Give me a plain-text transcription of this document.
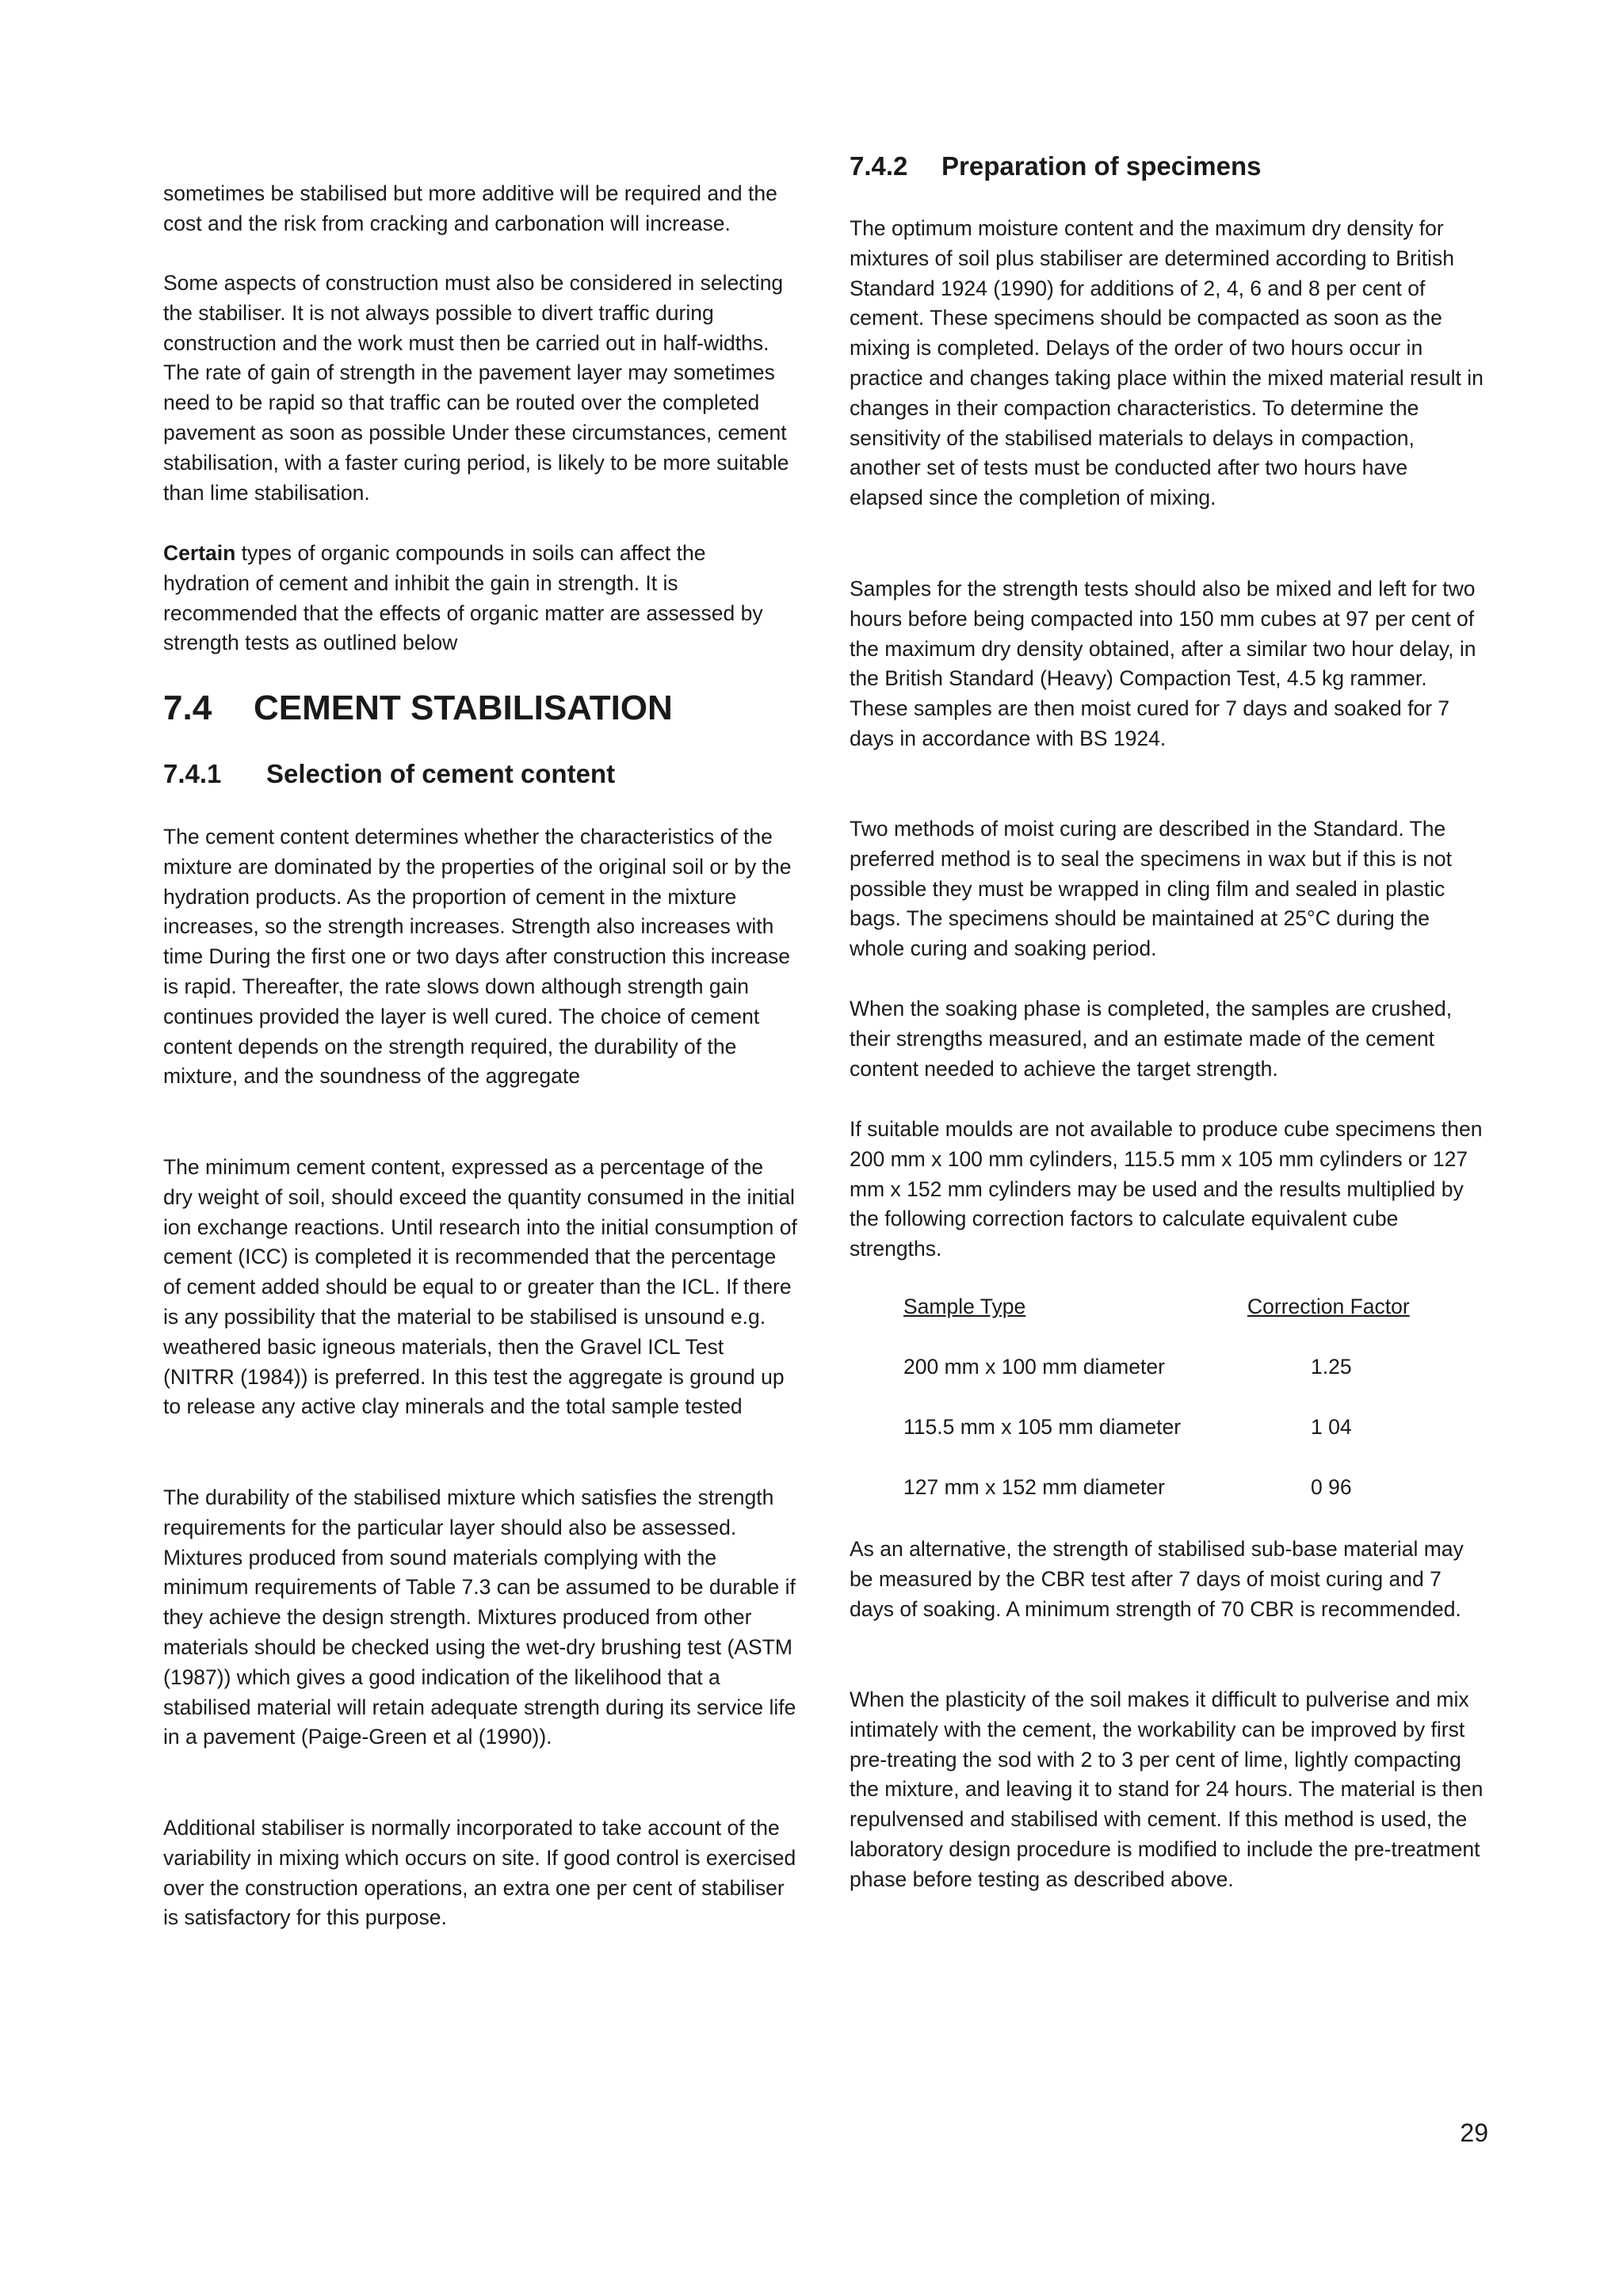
sometimes be stabilised but more additive will be required and the cost and the risk from cracking and carbonation will increase.

Some aspects of construction must also be considered in selecting the stabiliser. It is not always possible to divert traffic during construction and the work must then be carried out in half-widths. The rate of gain of strength in the pavement layer may sometimes need to be rapid so that traffic can be routed over the completed pavement as soon as possible Under these circumstances, cement stabilisation, with a faster curing period, is likely to be more suitable than lime stabilisation.

Certain types of organic compounds in soils can affect the hydration of cement and inhibit the gain in strength. It is recommended that the effects of organic matter are assessed by strength tests as outlined below

7.4 CEMENT STABILISATION
7.4.1 Selection of cement content

The cement content determines whether the characteristics of the mixture are dominated by the properties of the original soil or by the hydration products. As the proportion of cement in the mixture increases, so the strength increases. Strength also increases with time During the first one or two days after construction this increase is rapid. Thereafter, the rate slows down although strength gain continues provided the layer is well cured. The choice of cement content depends on the strength required, the durability of the mixture, and the soundness of the aggregate

The minimum cement content, expressed as a percentage of the dry weight of soil, should exceed the quantity consumed in the initial ion exchange reactions. Until research into the initial consumption of cement (ICC) is completed it is recommended that the percentage of cement added should be equal to or greater than the ICL. If there is any possibility that the material to be stabilised is unsound e.g. weathered basic igneous materials, then the Gravel ICL Test (NITRR (1984)) is preferred. In this test the aggregate is ground up to release any active clay minerals and the total sample tested

The durability of the stabilised mixture which satisfies the strength requirements for the particular layer should also be assessed. Mixtures produced from sound materials complying with the minimum requirements of Table 7.3 can be assumed to be durable if they achieve the design strength. Mixtures produced from other materials should be checked using the wet-dry brushing test (ASTM (1987)) which gives a good indication of the likelihood that a stabilised material will retain adequate strength during its service life in a pavement (Paige-Green et al (1990)).

Additional stabiliser is normally incorporated to take account of the variability in mixing which occurs on site. If good control is exercised over the construction operations, an extra one per cent of stabiliser is satisfactory for this purpose.

7.4.2 Preparation of specimens

The optimum moisture content and the maximum dry density for mixtures of soil plus stabiliser are determined according to British Standard 1924 (1990) for additions of 2, 4, 6 and 8 per cent of cement. These specimens should be compacted as soon as the mixing is completed. Delays of the order of two hours occur in practice and changes taking place within the mixed material result in changes in their compaction characteristics. To determine the sensitivity of the stabilised materials to delays in compaction, another set of tests must be conducted after two hours have elapsed since the completion of mixing.

Samples for the strength tests should also be mixed and left for two hours before being compacted into 150 mm cubes at 97 per cent of the maximum dry density obtained, after a similar two hour delay, in the British Standard (Heavy) Compaction Test, 4.5 kg rammer. These samples are then moist cured for 7 days and soaked for 7 days in accordance with BS 1924.

Two methods of moist curing are described in the Standard. The preferred method is to seal the specimens in wax but if this is not possible they must be wrapped in cling film and sealed in plastic bags. The specimens should be maintained at 25°C during the whole curing and soaking period.

When the soaking phase is completed, the samples are crushed, their strengths measured, and an estimate made of the cement content needed to achieve the target strength.

If suitable moulds are not available to produce cube specimens then 200 mm x 100 mm cylinders, 115.5 mm x 105 mm cylinders or 127 mm x 152 mm cylinders may be used and the results multiplied by the following correction factors to calculate equivalent cube strengths.

Sample Type	Correction Factor
200 mm x 100 mm diameter	1.25
115.5 mm x 105 mm diameter	1 04
127 mm x 152 mm diameter	0 96

As an alternative, the strength of stabilised sub-base material may be measured by the CBR test after 7 days of moist curing and 7 days of soaking. A minimum strength of 70 CBR is recommended.

When the plasticity of the soil makes it difficult to pulverise and mix intimately with the cement, the workability can be improved by first pre-treating the sod with 2 to 3 per cent of lime, lightly compacting the mixture, and leaving it to stand for 24 hours. The material is then repulvensed and stabilised with cement. If this method is used, the laboratory design procedure is modified to include the pre-treatment phase before testing as described above.

29
